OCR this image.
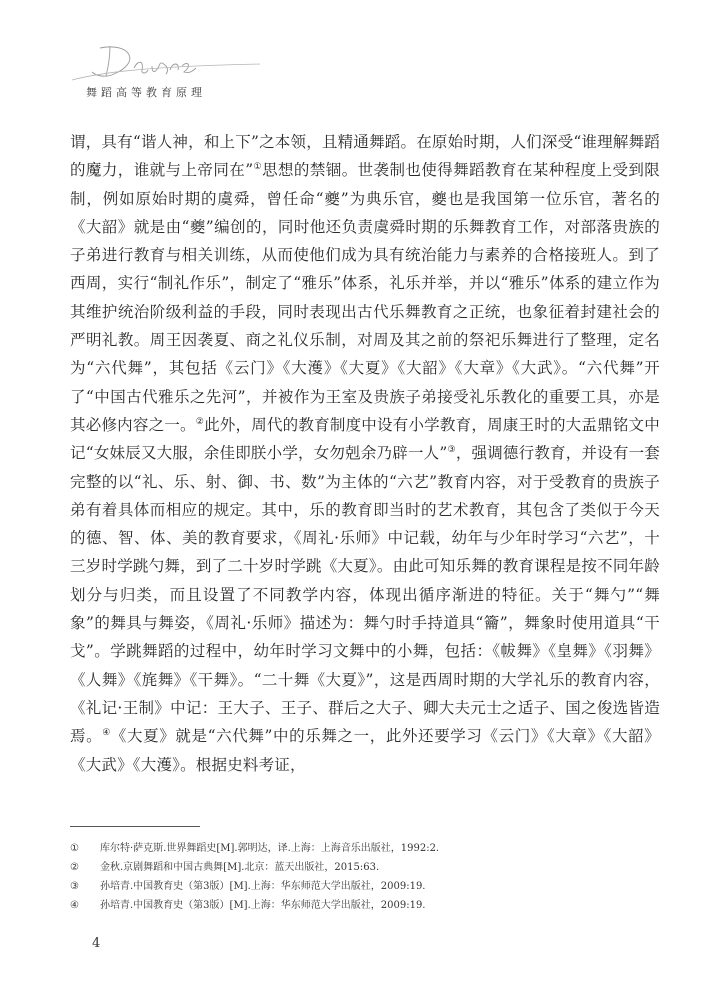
舞蹈高等教育原理

谓，具有“谐人神，和上下”之本领，且精通舞蹈。在原始时期，人们深受“谁理解舞蹈的魔力，谁就与上帝同在”①思想的禁锢。世袭制也使得舞蹈教育在某种程度上受到限制，例如原始时期的虞舜，曾任命“夔”为典乐官，夔也是我国第一位乐官，著名的《大韶》就是由“夔”编创的，同时他还负责虞舜时期的乐舞教育工作，对部落贵族的子弟进行教育与相关训练，从而使他们成为具有统治能力与素养的合格接班人。到了西周，实行“制礼作乐”，制定了“雅乐”体系，礼乐并举，并以“雅乐”体系的建立作为其维护统治阶级利益的手段，同时表现出古代乐舞教育之正统，也象征着封建社会的严明礼教。周王因袭夏、商之礼仪乐制，对周及其之前的祭祀乐舞进行了整理，定名为“六代舞”，其包括《云门》《大濩》《大夏》《大韶》《大章》《大武》。“六代舞”开了“中国古代雅乐之先河”，并被作为王室及贵族子弟接受礼乐教化的重要工具，亦是其必修内容之一。②此外，周代的教育制度中设有小学教育，周康王时的大盂鼎铭文中记“女妹辰又大服，余佳即朕小学，女勿剋余乃辟一人”③，强调德行教育，并设有一套完整的以“礼、乐、射、御、书、数”为主体的“六艺”教育内容，对于受教育的贵族子弟有着具体而相应的规定。其中，乐的教育即当时的艺术教育，其包含了类似于今天的德、智、体、美的教育要求，《周礼·乐师》中记载，幼年与少年时学习“六艺”，十三岁时学跳勺舞，到了二十岁时学跳《大夏》。由此可知乐舞的教育课程是按不同年龄划分与归类，而且设置了不同教学内容，体现出循序渐进的特征。关于“舞勺”“舞象”的舞具与舞姿，《周礼·乐师》描述为：舞勺时手持道具“籥”，舞象时使用道具“干戈”。学跳舞蹈的过程中，幼年时学习文舞中的小舞，包括：《帗舞》《皇舞》《羽舞》《人舞》《旄舞》《干舞》。“二十舞《大夏》”，这是西周时期的大学礼乐的教育内容，《礼记·王制》中记：王大子、王子、群后之大子、卿大夫元士之适子、国之俊选皆造焉。④《大夏》就是“六代舞”中的乐舞之一，此外还要学习《云门》《大章》《大韶》《大武》《大濩》。根据史料考证，

①	库尔特·萨克斯.世界舞蹈史[M].郭明达，译.上海：上海音乐出版社，1992:2.
②	金秋.京剧舞蹈和中国古典舞[M].北京：蓝天出版社，2015:63.
③	孙培青.中国教育史（第3版）[M].上海：华东师范大学出版社，2009:19.
④	孙培青.中国教育史（第3版）[M].上海：华东师范大学出版社，2009:19.
4
